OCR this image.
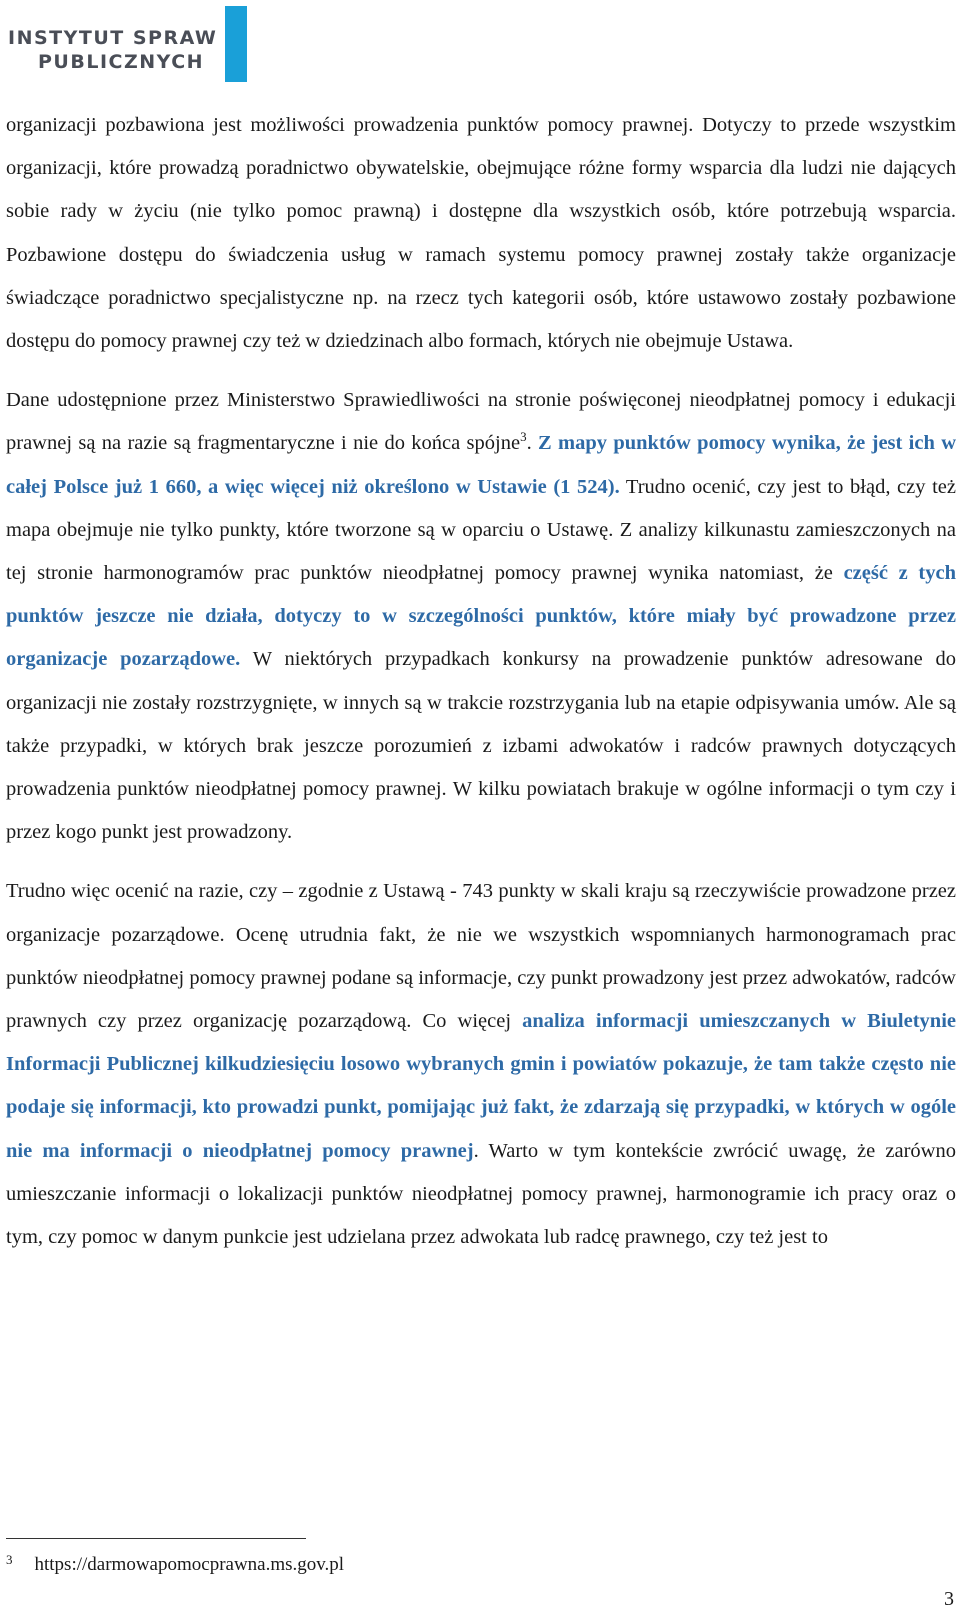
INSTYTUT SPRAW
PUBLICZNYCH

organizacji pozbawiona jest możliwości prowadzenia punktów pomocy prawnej. Dotyczy to przede wszystkim organizacji, które prowadzą poradnictwo obywatelskie, obejmujące różne formy wsparcia dla ludzi nie dających sobie rady w życiu (nie tylko pomoc prawną) i dostępne dla wszystkich osób, które potrzebują wsparcia. Pozbawione dostępu do świadczenia usług w ramach systemu pomocy prawnej zostały także organizacje świadczące poradnictwo specjalistyczne np. na rzecz tych kategorii osób, które ustawowo zostały pozbawione dostępu do pomocy prawnej czy też w dziedzinach albo formach, których nie obejmuje Ustawa.

Dane udostępnione przez Ministerstwo Sprawiedliwości na stronie poświęconej nieodpłatnej pomocy i edukacji prawnej są na razie są fragmentaryczne i nie do końca spójne$^3$. Z mapy punktów pomocy wynika, że jest ich w całej Polsce już 1 660, a więc więcej niż określono w Ustawie (1 524). Trudno ocenić, czy jest to błąd, czy też mapa obejmuje nie tylko punkty, które tworzone są w oparciu o Ustawę. Z analizy kilkunastu zamieszczonych na tej stronie harmonogramów prac punktów nieodpłatnej pomocy prawnej wynika natomiast, że część z tych punktów jeszcze nie działa, dotyczy to w szczególności punktów, które miały być prowadzone przez organizacje pozarządowe. W niektórych przypadkach konkursy na prowadzenie punktów adresowane do organizacji nie zostały rozstrzygnięte, w innych są w trakcie rozstrzygania lub na etapie odpisywania umów. Ale są także przypadki, w których brak jeszcze porozumień z izbami adwokatów i radców prawnych dotyczących prowadzenia punktów nieodpłatnej pomocy prawnej. W kilku powiatach brakuje w ogólne informacji o tym czy i przez kogo punkt jest prowadzony.

Trudno więc ocenić na razie, czy – zgodnie z Ustawą - 743 punkty w skali kraju są rzeczywiście prowadzone przez organizacje pozarządowe. Ocenę utrudnia fakt, że nie we wszystkich wspomnianych harmonogramach prac punktów nieodpłatnej pomocy prawnej podane są informacje, czy punkt prowadzony jest przez adwokatów, radców prawnych czy przez organizację pozarządową. Co więcej analiza informacji umieszczanych w Biuletynie Informacji Publicznej kilkudziesięciu losowo wybranych gmin i powiatów pokazuje, że tam także często nie podaje się informacji, kto prowadzi punkt, pomijając już fakt, że zdarzają się przypadki, w których w ogóle nie ma informacji o nieodpłatnej pomocy prawnej. Warto w tym kontekście zwrócić uwagę, że zarówno umieszczanie informacji o lokalizacji punktów nieodpłatnej pomocy prawnej, harmonogramie ich pracy oraz o tym, czy pomoc w danym punkcie jest udzielana przez adwokata lub radcę prawnego, czy też jest to

$^3$ https://darmowapomocprawna.ms.gov.pl
3
